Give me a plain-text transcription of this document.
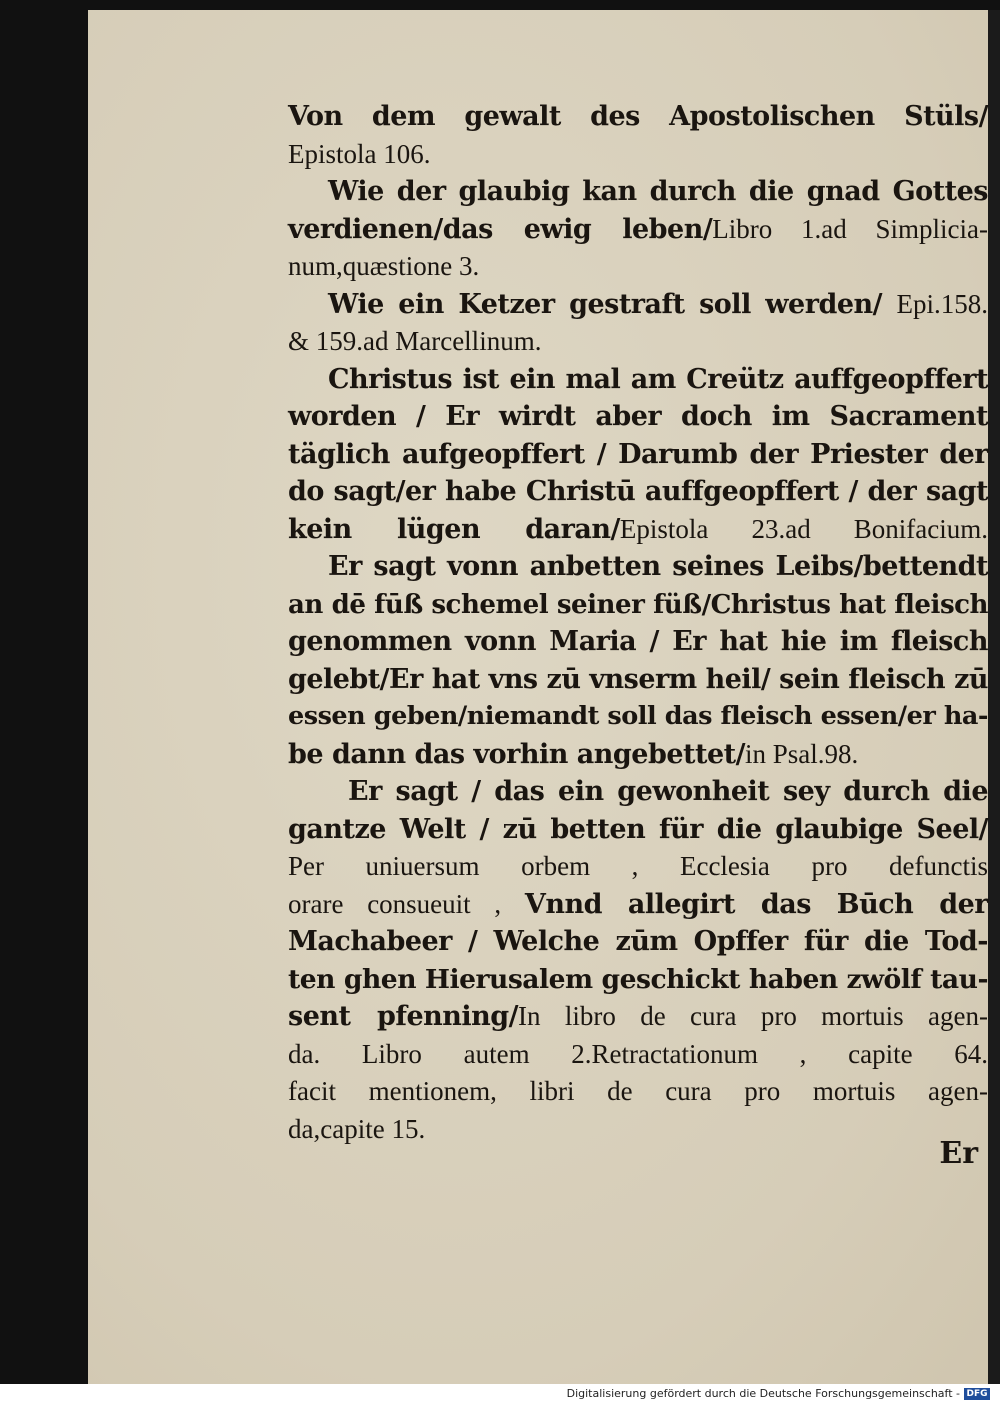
Von dem gewalt des Apostolischen Stüls/
Epistola 106.
Wie der glaubig kan durch die gnad Gottes
verdienen/das ewig leben/Libro 1.ad Simplicia-
num,quæstione 3.
Wie ein Ketzer gestraft soll werden/ Epi.158.
& 159.ad Marcellinum.
Christus ist ein mal am Creütz auffgeopffert
worden / Er wirdt aber doch im Sacrament
täglich aufgeopffert / Darumb der Priester der
do sagt/er habe Christū auffgeopffert / der sagt
kein lügen daran/Epistola 23.ad Bonifacium.
Er sagt vonn anbetten seines Leibs/bettendt
an dē fūß schemel seiner füß/Christus hat fleisch
genommen vonn Maria / Er hat hie im fleisch
gelebt/Er hat vns zū vnserm heil/ sein fleisch zū
essen geben/niemandt soll das fleisch essen/er ha-
be dann das vorhin angebettet/in Psal.98.
Er sagt / das ein gewonheit sey durch die
gantze Welt / zū betten für die glaubige Seel/
Per uniuersum orbem , Ecclesia pro defunctis
orare consueuit , Vnnd allegirt das Būch der
Machabeer / Welche zūm Opffer für die Tod-
ten ghen Hierusalem geschickt haben zwölf tau-
sent pfenning/In libro de cura pro mortuis agen-
da. Libro autem 2.Retractationum , capite 64.
facit mentionem, libri de cura pro mortuis agen-
da,capite 15.
Er
Digitalisierung gefördert durch die Deutsche Forschungsgemeinschaft - DFG
